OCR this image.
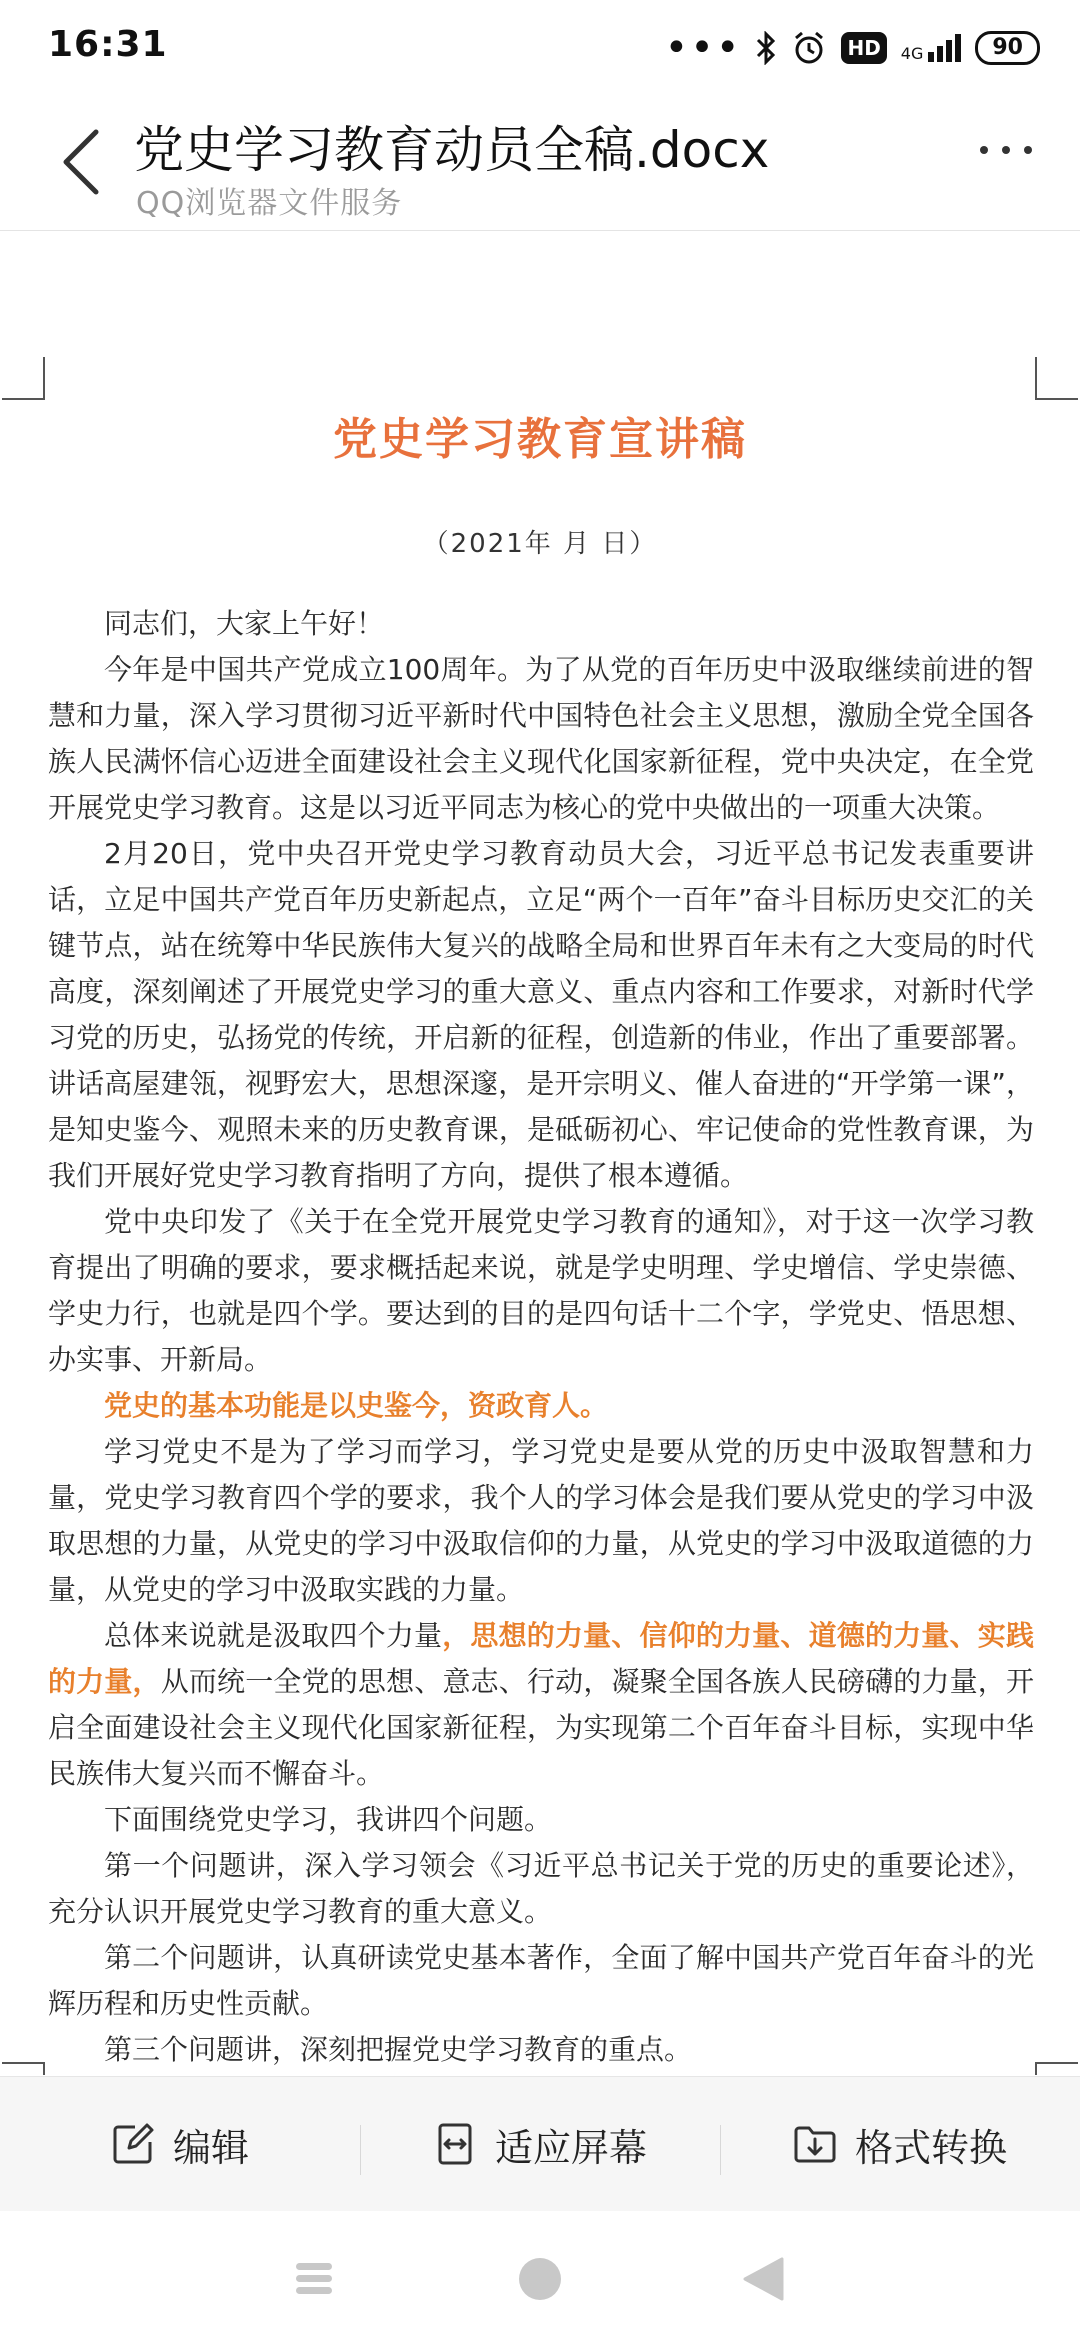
16:31	•••	HD	4G	90
党史学习教育动员全稿.docx
QQ浏览器文件服务
党史学习教育宣讲稿
（2021年 月 日）

同志们，大家上午好！

今年是中国共产党成立100周年。为了从党的百年历史中汲取继续前进的智慧和力量，深入学习贯彻习近平新时代中国特色社会主义思想，激励全党全国各族人民满怀信心迈进全面建设社会主义现代化国家新征程，党中央决定，在全党开展党史学习教育。这是以习近平同志为核心的党中央做出的一项重大决策。

2月20日，党中央召开党史学习教育动员大会，习近平总书记发表重要讲话，立足中国共产党百年历史新起点，立足“两个一百年”奋斗目标历史交汇的关键节点，站在统筹中华民族伟大复兴的战略全局和世界百年未有之大变局的时代高度，深刻阐述了开展党史学习的重大意义、重点内容和工作要求，对新时代学习党的历史，弘扬党的传统，开启新的征程，创造新的伟业，作出了重要部署。讲话高屋建瓴，视野宏大，思想深邃，是开宗明义、催人奋进的“开学第一课”，是知史鉴今、观照未来的历史教育课，是砥砺初心、牢记使命的党性教育课，为我们开展好党史学习教育指明了方向，提供了根本遵循。

党中央印发了《关于在全党开展党史学习教育的通知》，对于这一次学习教育提出了明确的要求，要求概括起来说，就是学史明理、学史增信、学史崇德、学史力行，也就是四个学。要达到的目的是四句话十二个字，学党史、悟思想、办实事、开新局。

党史的基本功能是以史鉴今，资政育人。

学习党史不是为了学习而学习，学习党史是要从党的历史中汲取智慧和力量，党史学习教育四个学的要求，我个人的学习体会是我们要从党史的学习中汲取思想的力量，从党史的学习中汲取信仰的力量，从党史的学习中汲取道德的力量，从党史的学习中汲取实践的力量。

总体来说就是汲取四个力量，思想的力量、信仰的力量、道德的力量、实践的力量，从而统一全党的思想、意志、行动，凝聚全国各族人民磅礴的力量，开启全面建设社会主义现代化国家新征程，为实现第二个百年奋斗目标，实现中华民族伟大复兴而不懈奋斗。

下面围绕党史学习，我讲四个问题。

第一个问题讲，深入学习领会《习近平总书记关于党的历史的重要论述》，充分认识开展党史学习教育的重大意义。

第二个问题讲，认真研读党史基本著作，全面了解中国共产党百年奋斗的光辉历程和历史性贡献。

第三个问题讲，深刻把握党史学习教育的重点。

编辑	适应屏幕	格式转换
